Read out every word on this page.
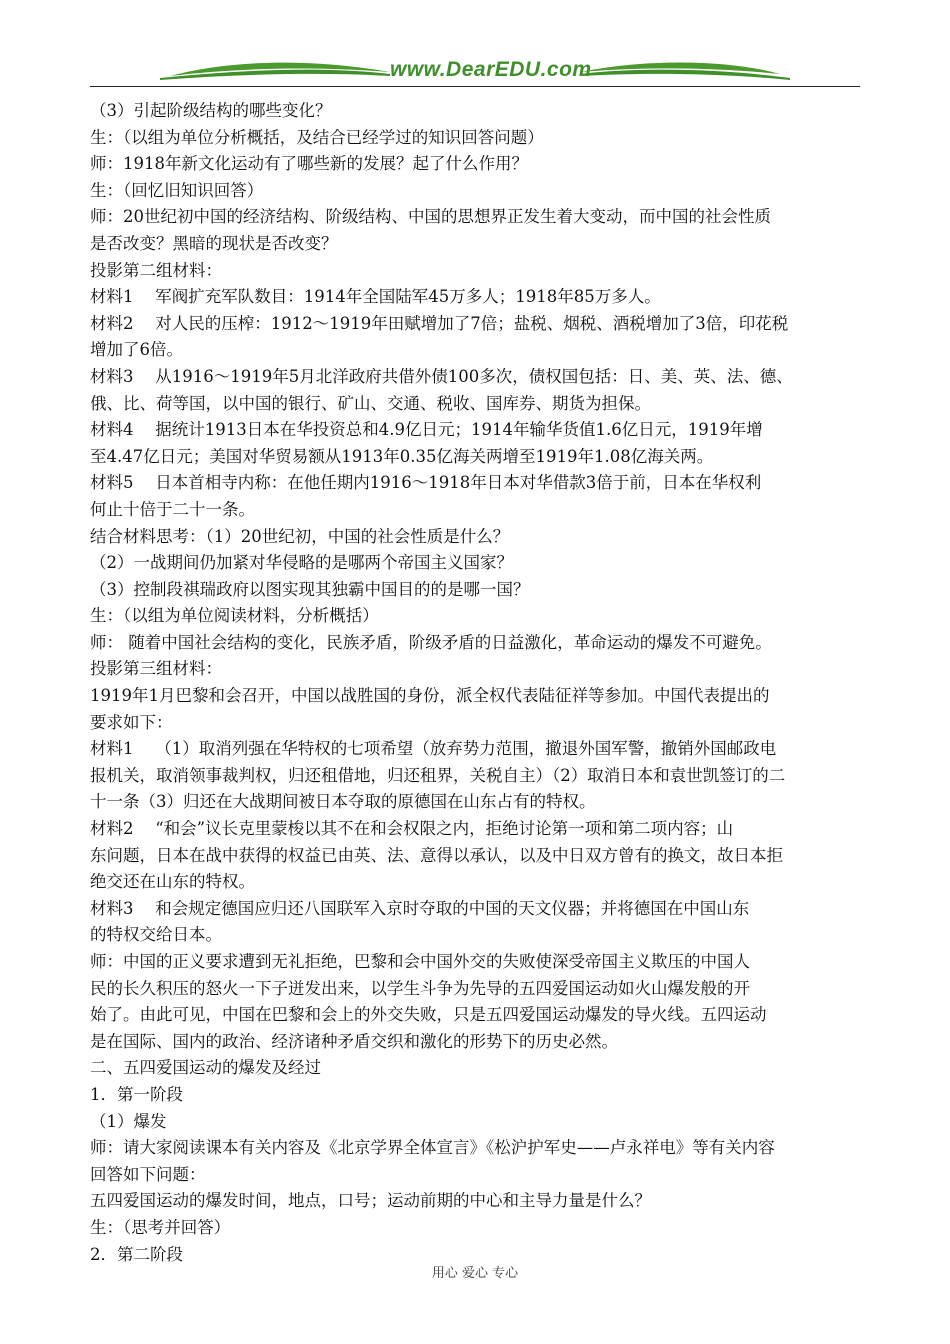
www.DearEDU.com
（3）引起阶级结构的哪些变化？
生：（以组为单位分析概括，及结合已经学过的知识回答问题）
师：1918年新文化运动有了哪些新的发展？起了什么作用？
生：（回忆旧知识回答）
师：20世纪初中国的经济结构、阶级结构、中国的思想界正发生着大变动，而中国的社会性质
是否改变？黑暗的现状是否改变？
投影第二组材料：
材料1　 军阀扩充军队数目：1914年全国陆军45万多人；1918年85万多人。
材料2　 对人民的压榨：1912～1919年田赋增加了7倍；盐税、烟税、酒税增加了3倍，印花税
增加了6倍。
材料3　 从1916～1919年5月北洋政府共借外债100多次，债权国包括：日、美、英、法、德、
俄、比、荷等国，以中国的银行、矿山、交通、税收、国库券、期货为担保。
材料4　 据统计1913日本在华投资总和4.9亿日元；1914年输华货值1.6亿日元，1919年增
至4.47亿日元；美国对华贸易额从1913年0.35亿海关两增至1919年1.08亿海关两。
材料5　 日本首相寺内称：在他任期内1916～1918年日本对华借款3倍于前，日本在华权利
何止十倍于二十一条。
结合材料思考：（1）20世纪初，中国的社会性质是什么？
（2）一战期间仍加紧对华侵略的是哪两个帝国主义国家？
（3）控制段祺瑞政府以图实现其独霸中国目的的是哪一国？
生：（以组为单位阅读材料，分析概括）
师： 随着中国社会结构的变化，民族矛盾，阶级矛盾的日益激化，革命运动的爆发不可避免。
投影第三组材料：
1919年1月巴黎和会召开，中国以战胜国的身份，派全权代表陆征祥等参加。中国代表提出的
要求如下：
材料1　 （1）取消列强在华特权的七项希望（放弃势力范围，撤退外国军警，撤销外国邮政电
报机关，取消领事裁判权，归还租借地，归还租界，关税自主）（2）取消日本和袁世凯签订的二
十一条（3）归还在大战期间被日本夺取的原德国在山东占有的特权。
材料2　 “和会”议长克里蒙梭以其不在和会权限之内，拒绝讨论第一项和第二项内容；山
东问题，日本在战中获得的权益已由英、法、意得以承认，以及中日双方曾有的换文，故日本拒
绝交还在山东的特权。
材料3　 和会规定德国应归还八国联军入京时夺取的中国的天文仪器；并将德国在中国山东
的特权交给日本。
师：中国的正义要求遭到无礼拒绝，巴黎和会中国外交的失败使深受帝国主义欺压的中国人
民的长久积压的怒火一下子迸发出来，以学生斗争为先导的五四爱国运动如火山爆发般的开
始了。由此可见，中国在巴黎和会上的外交失败，只是五四爱国运动爆发的导火线。五四运动
是在国际、国内的政治、经济诸种矛盾交织和激化的形势下的历史必然。
二、五四爱国运动的爆发及经过
1．第一阶段
（1）爆发
师：请大家阅读课本有关内容及《北京学界全体宣言》《松沪护军史——卢永祥电》等有关内容
回答如下问题：
五四爱国运动的爆发时间，地点，口号；运动前期的中心和主导力量是什么？
生：（思考并回答）
2．第二阶段
用心 爱心 专心
